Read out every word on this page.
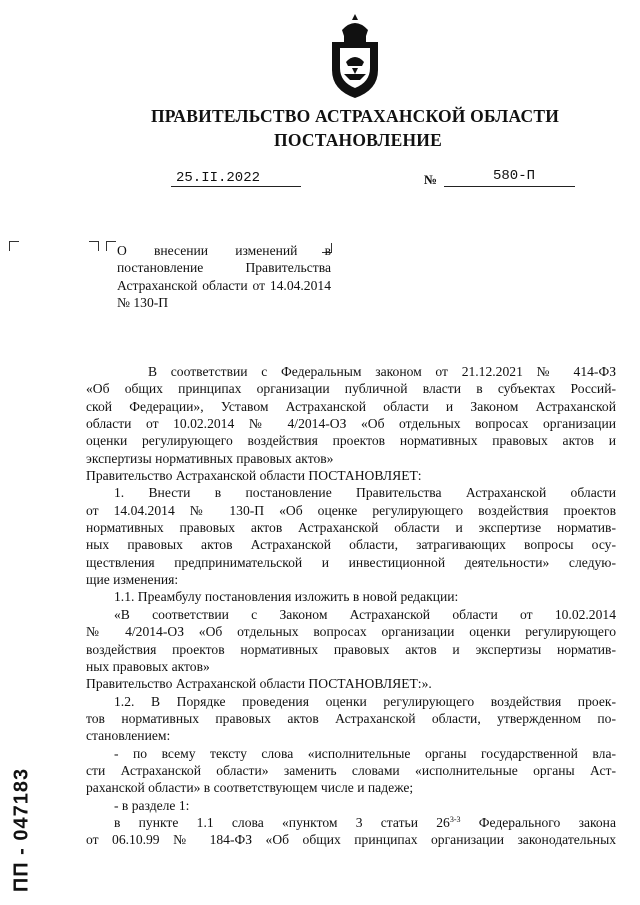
ПРАВИТЕЛЬСТВО АСТРАХАНСКОЙ ОБЛАСТИ
ПОСТАНОВЛЕНИЕ
25.II.2022	№	580-П
О внесении изменений в постановление Правительства Астраханской области от 14.04.2014 № 130-П

В соответствии с Федеральным законом от 21.12.2021 № 414-ФЗ

«Об общих принципах организации публичной власти в субъектах Россий-

ской Федерации», Уставом Астраханской области и Законом Астраханской

области от 10.02.2014 № 4/2014-ОЗ «Об отдельных вопросах организации

оценки регулирующего воздействия проектов нормативных правовых актов и

экспертизы нормативных правовых актов»

Правительство Астраханской области ПОСТАНОВЛЯЕТ:

1. Внести в постановление Правительства Астраханской области

от 14.04.2014 № 130-П «Об оценке регулирующего воздействия проектов

нормативных правовых актов Астраханской области и экспертизе норматив-

ных правовых актов Астраханской области, затрагивающих вопросы осу-

ществления предпринимательской и инвестиционной деятельности» следую-

щие изменения:

1.1. Преамбулу постановления изложить в новой редакции:

«В соответствии с Законом Астраханской области от 10.02.2014

№ 4/2014-ОЗ «Об отдельных вопросах организации оценки регулирующего

воздействия проектов нормативных правовых актов и экспертизы норматив-

ных правовых актов»

Правительство Астраханской области ПОСТАНОВЛЯЕТ:».

1.2. В Порядке проведения оценки регулирующего воздействия проек-

тов нормативных правовых актов Астраханской области, утвержденном по-

становлением:

- по всему тексту слова «исполнительные органы государственной вла-

сти Астраханской области» заменить словами «исполнительные органы Аст-

раханской области» в соответствующем числе и падеже;

- в разделе 1:

в пункте 1.1 слова «пунктом 3 статьи 26$^{3-3}$ Федерального закона

от 06.10.99 № 184-ФЗ «Об общих принципах организации законодательных

ПП - 047183
